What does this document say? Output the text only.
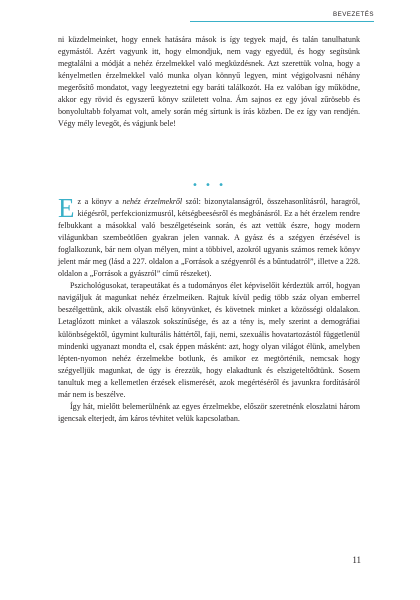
BEVEZETÉS

ni küzdelmeinket, hogy ennek hatására mások is így tegyek majd, és talán tanulhatunk egymástól. Azért vagyunk itt, hogy elmondjuk, nem vagy egyedül, és hogy segítsünk megtalálni a módját a nehéz érzelmekkel való megküzdésnek. Azt szerettük volna, hogy a kényelmetlen érzelmekkel való munka olyan könnyű legyen, mint végigolvasni néhány megerősítő mondatot, vagy leegyeztetni egy baráti találkozót. Ha ez valóban így működne, akkor egy rövid és egyszerű könyv született volna. Ám sajnos ez egy jóval zűrösebb és bonyolultabb folyamat volt, amely során még sírtunk is írás közben. De ez így van rendjén. Végy mély levegőt, és vágjunk bele!

• • •

Ez a könyv a nehéz érzelmekről szól: bizonytalanságról, összehasonlításról, haragról, kiégésről, perfekcionizmusról, kétségbeesésről és megbánásról. Ez a hét érzelem rendre felbukkant a másokkal való beszélgetéseink során, és azt vettük észre, hogy modern világunkban szembeötlően gyakran jelen vannak. A gyász és a szégyen érzésével is foglalkozunk, bár nem olyan mélyen, mint a többivel, azokról ugyanis számos remek könyv jelent már meg (lásd a 227. oldalon a „Források a szégyenről és a bűntudatról”, illetve a 228. oldalon a „Források a gyászról” című részeket).

Pszichológusokat, terapeutákat és a tudományos élet képviselőit kérdeztük arról, hogyan navigáljuk át magunkat nehéz érzelmeiken. Rajtuk kívül pedig több száz olyan emberrel beszélgettünk, akik olvasták első könyvünket, és követnek minket a közösségi oldalakon. Letaglózott minket a válaszok sokszínűsége, és az a tény is, mely szerint a demográfiai különbségektől, úgymint kulturális háttértől, faji, nemi, szexuális hovatartozástól függetlenül mindenki ugyanazt mondta el, csak éppen másként: azt, hogy olyan világot élünk, amelyben lépten-nyomon nehéz érzelmekbe botlunk, és amikor ez megtörténik, nemcsak hogy szégyelljük magunkat, de úgy is érezzük, hogy elakadtunk és elszigeteltődtünk. Sosem tanultuk meg a kellemetlen érzések elismerését, azok megértéséről és javunkra fordításáról már nem is beszélve.

Így hát, mielőtt belemerülnénk az egyes érzelmekbe, először szeretnénk eloszlatni három igencsak elterjedt, ám káros tévhitet velük kapcsolatban.

11
